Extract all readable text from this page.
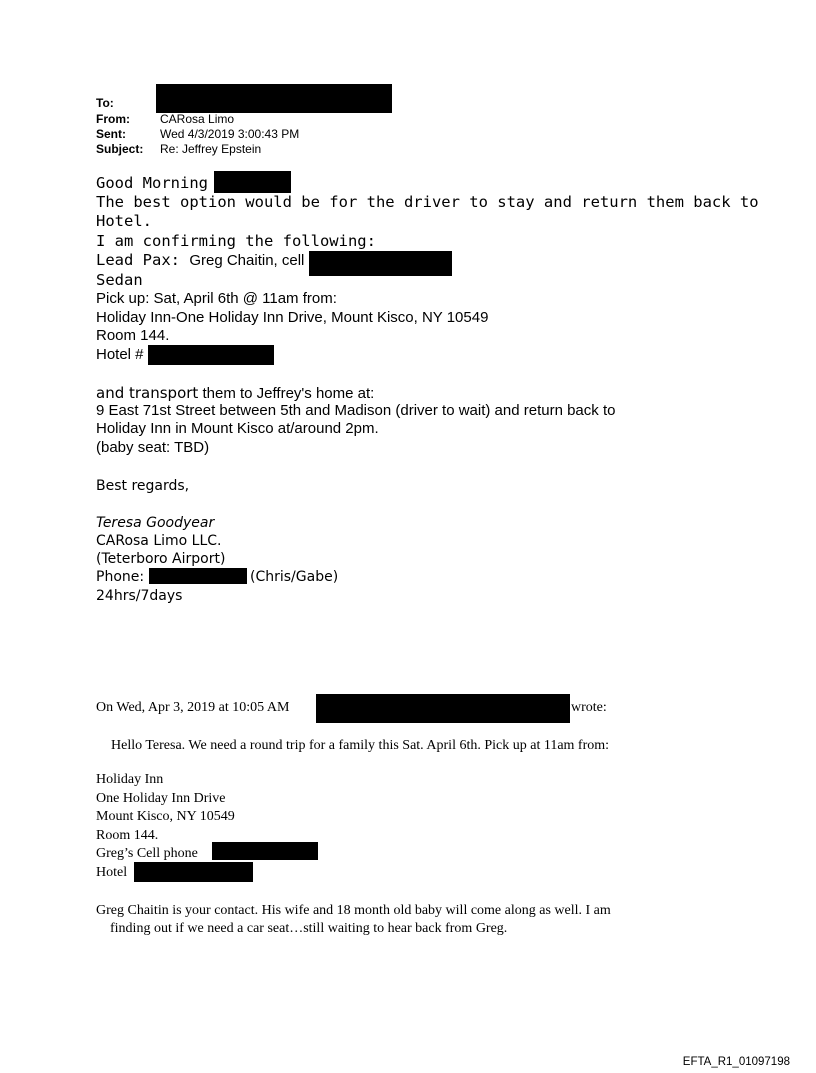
To:
From:	CARosa Limo
Sent:	Wed 4/3/2019 3:00:43 PM
Subject: Re: Jeffrey Epstein
Good Morning
The best option would be for the driver to stay and return them back to
Hotel.
I am confirming the following:
Lead Pax: Greg Chaitin, cell
Sedan
Pick up: Sat, April 6th @ 11am from:
Holiday Inn-One Holiday Inn Drive, Mount Kisco, NY 10549
Room 144.
Hotel #
and transport them to Jeffrey's home at:
9 East 71st Street between 5th and Madison (driver to wait) and return back to
Holiday Inn in Mount Kisco at/around 2pm.
(baby seat: TBD)
Best regards,
Teresa Goodyear
CARosa Limo LLC.
(Teterboro Airport)
Phone:	(Chris/Gabe)
24hrs/7days
On Wed, Apr 3, 2019 at 10:05 AM	wrote:
Hello Teresa. We need a round trip for a family this Sat. April 6th. Pick up at 11am from:
Holiday Inn
One Holiday Inn Drive
Mount Kisco, NY 10549
Room 144.
Greg’s Cell phone
Hotel
Greg Chaitin is your contact. His wife and 18 month old baby will come along as well. I am
finding out if we need a car seat…still waiting to hear back from Greg.
EFTA_R1_01097198
